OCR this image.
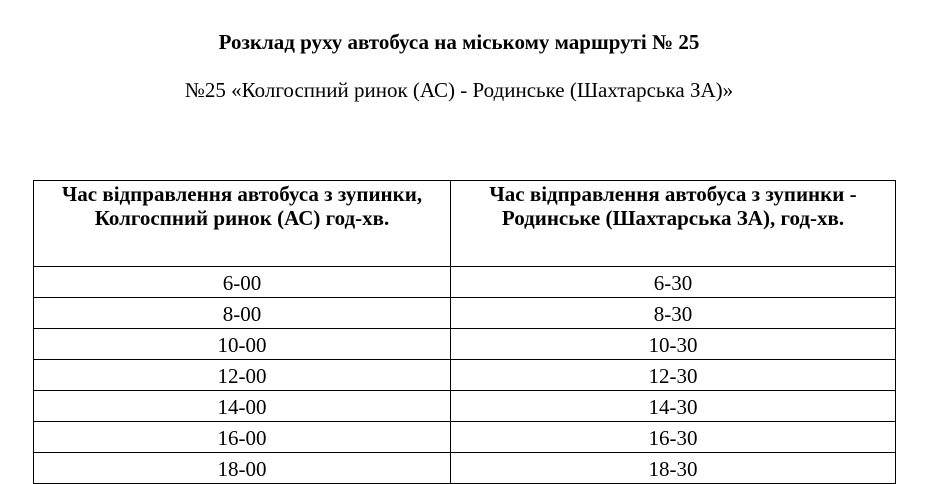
Розклад руху автобуса на міському маршруті № 25
№25 «Колгоспний ринок (АС) - Родинське (Шахтарська ЗА)»
Час відправлення автобуса з зупинки, Колгоспний ринок (АС) год-хв.	Час відправлення автобуса з зупинки - Родинське (Шахтарська ЗА), год-хв.
6-00	6-30
8-00	8-30
10-00	10-30
12-00	12-30
14-00	14-30
16-00	16-30
18-00	18-30
